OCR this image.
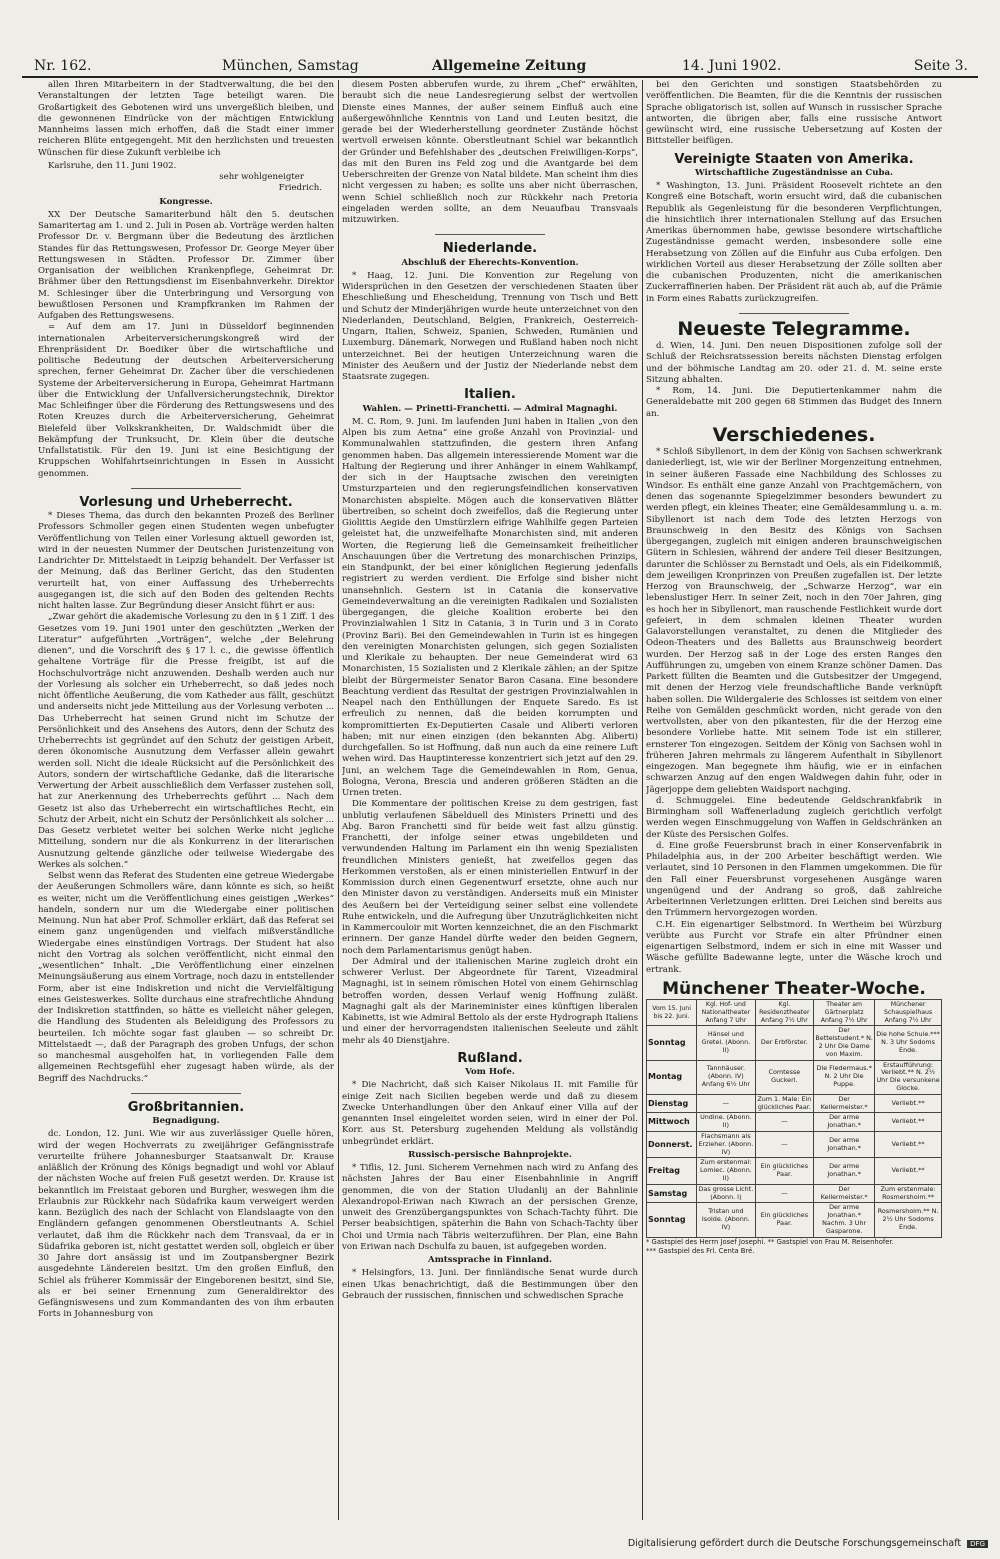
Nr. 162.	München, Samstag	Allgemeine Zeitung	14. Juni 1902.	Seite 3.

allen Ihren Mitarbeitern in der Stadtverwaltung, die bei den Veranstaltungen der letzten Tage beteiligt waren. Die Großartigkeit des Gebotenen wird uns unvergeßlich bleiben, und die gewonnenen Eindrücke von der mächtigen Entwicklung Mannheims lassen mich erhoffen, daß die Stadt einer immer reicheren Blüte entgegengeht. Mit den herzlichsten und treuesten Wünschen für diese Zukunft verbleibe ich

Karlsruhe, den 11. Juni 1902.

sehr wohlgeneigter
Friedrich.
Kongresse.

XX Der Deutsche Samariterbund hält den 5. deutschen Samaritertag am 1. und 2. Juli in Posen ab. Vorträge werden halten Professor Dr. v. Bergmann über die Bedeutung des ärztlichen Standes für das Rettungswesen, Professor Dr. George Meyer über Rettungswesen in Städten. Professor Dr. Zimmer über Organisation der weiblichen Krankenpflege, Geheimrat Dr. Brähmer über den Rettungsdienst im Eisenbahnverkehr. Direktor M. Schlesinger über die Unterbringung und Versorgung von bewußtlosen Personen und Krampfkranken im Rahmen der Aufgaben des Rettungswesens.

= Auf dem am 17. Juni in Düsseldorf beginnenden internationalen Arbeiterversicherungskongreß wird der Ehrenpräsident Dr. Boediker über die wirtschaftliche und politische Bedeutung der deutschen Arbeiterversicherung sprechen, ferner Geheimrat Dr. Zacher über die verschiedenen Systeme der Arbeiterversicherung in Europa, Geheimrat Hartmann über die Entwicklung der Unfallversicherungstechnik, Direktor Mac Schleifinger über die Förderung des Rettungswesens und des Roten Kreuzes durch die Arbeiterversicherung, Geheimrat Bielefeld über Volkskrankheiten, Dr. Waldschmidt über die Bekämpfung der Trunksucht, Dr. Klein über die deutsche Unfallstatistik. Für den 19. Juni ist eine Besichtigung der Kruppschen Wohlfahrtseinrichtungen in Essen in Aussicht genommen.

Vorlesung und Urheberrecht.

* Dieses Thema, das durch den bekannten Prozeß des Berliner Professors Schmoller gegen einen Studenten wegen unbefugter Veröffentlichung von Teilen einer Vorlesung aktuell geworden ist, wird in der neuesten Nummer der Deutschen Juristenzeitung von Landrichter Dr. Mittelstaedt in Leipzig behandelt. Der Verfasser ist der Meinung, daß das Berliner Gericht, das den Studenten verurteilt hat, von einer Auffassung des Urheberrechts ausgegangen ist, die sich auf den Boden des geltenden Rechts nicht halten lasse. Zur Begründung dieser Ansicht führt er aus:

„Zwar gehört die akademische Vorlesung zu den in § 1 Ziff. 1 des Gesetzes vom 19. Juni 1901 unter den geschützten „Werken der Literatur“ aufgeführten „Vorträgen“, welche „der Belehrung dienen“, und die Vorschrift des § 17 l. c., die gewisse öffentlich gehaltene Vorträge für die Presse freigibt, ist auf die Hochschulvorträge nicht anzuwenden. Deshalb werden auch nur der Vorlesung als solcher ein Urheberrecht, so daß jedes noch nicht öffentliche Aeußerung, die vom Katheder aus fällt, geschützt und anderseits nicht jede Mitteilung aus der Vorlesung verboten ... Das Urheberrecht hat seinen Grund nicht im Schutze der Persönlichkeit und des Ansehens des Autors, denn der Schutz des Urheberrechts ist gegründet auf den Schutz der geistigen Arbeit, deren ökonomische Ausnutzung dem Verfasser allein gewahrt werden soll. Nicht die ideale Rücksicht auf die Persönlichkeit des Autors, sondern der wirtschaftliche Gedanke, daß die literarische Verwertung der Arbeit ausschließlich dem Verfasser zustehen soll, hat zur Anerkennung des Urheberrechts geführt ... Nach dem Gesetz ist also das Urheberrecht ein wirtschaftliches Recht, ein Schutz der Arbeit, nicht ein Schutz der Persönlichkeit als solcher ... Das Gesetz verbietet weiter bei solchen Werke nicht jegliche Mitteilung, sondern nur die als Konkurrenz in der literarischen Ausnutzung geltende gänzliche oder teilweise Wiedergabe des Werkes als solchen.“

Selbst wenn das Referat des Studenten eine getreue Wiedergabe der Aeußerungen Schmollers wäre, dann könnte es sich, so heißt es weiter, nicht um die Veröffentlichung eines geistigen „Werkes“ handeln, sondern nur um die Wiedergabe einer politischen Meinung. Nun hat aber Prof. Schmoller erklärt, daß das Referat sei einem ganz ungenügenden und vielfach mißverständliche Wiedergabe eines einstündigen Vortrags. Der Student hat also nicht den Vortrag als solchen veröffentlicht, nicht einmal den „wesentlichen“ Inhalt. „Die Veröffentlichung einer einzelnen Meinungsäußerung aus einem Vortrage, noch dazu in entstellender Form, aber ist eine Indiskretion und nicht die Vervielfältigung eines Geisteswerkes. Sollte durchaus eine strafrechtliche Ahndung der Indiskretion stattfinden, so hätte es vielleicht näher gelegen, die Handlung des Studenten als Beleidigung des Professors zu beurteilen. Ich möchte sogar fast glauben — so schreibt Dr. Mittelstaedt —, daß der Paragraph des groben Unfugs, der schon so manchesmal ausgeholfen hat, in vorliegenden Falle dem allgemeinen Rechtsgefühl eher zugesagt haben würde, als der Begriff des Nachdrucks.“

Großbritannien.
Begnadigung.

dc. London, 12. Juni. Wie wir aus zuverlässiger Quelle hören, wird der wegen Hochverrats zu zweijähriger Gefängnisstrafe verurteilte frühere Johannesburger Staatsanwalt Dr. Krause anläßlich der Krönung des Königs begnadigt und wohl vor Ablauf der nächsten Woche auf freien Fuß gesetzt werden. Dr. Krause ist bekanntlich im Freistaat geboren und Burgher, weswegen ihm die Erlaubnis zur Rückkehr nach Südafrika kaum verweigert werden kann. Bezüglich des nach der Schlacht von Elandslaagte von den Engländern gefangen genommenen Oberstleutnants A. Schiel verlautet, daß ihm die Rückkehr nach dem Transvaal, da er in Südafrika geboren ist, nicht gestattet werden soll, obgleich er über 30 Jahre dort ansässig ist und im Zoutpansbergner Bezirk ausgedehnte Ländereien besitzt. Um den großen Einfluß, den Schiel als früherer Kommissär der Eingeborenen besitzt, sind Sie, als er bei seiner Ernennung zum Generaldirektor des Gefängniswesens und zum Kommandanten des von ihm erbauten Forts in Johannesburg von

diesem Posten abberufen wurde, zu ihrem „Chef“ erwählten, beraubt sich die neue Landesregierung selbst der wertvollen Dienste eines Mannes, der außer seinem Einfluß auch eine außergewöhnliche Kenntnis von Land und Leuten besitzt, die gerade bei der Wiederherstellung geordneter Zustände höchst wertvoll erweisen könnte. Oberstleutnant Schiel war bekanntlich der Gründer und Befehlshaber des „deutschen Freiwilligen-Korps“, das mit den Buren ins Feld zog und die Avantgarde bei dem Ueberschreiten der Grenze von Natal bildete. Man scheint ihm dies nicht vergessen zu haben; es sollte uns aber nicht überraschen, wenn Schiel schließlich noch zur Rückkehr nach Pretoria eingeladen werden sollte, an dem Neuaufbau Transvaals mitzuwirken.

Niederlande.
Abschluß der Eherechts-Konvention.

* Haag, 12. Juni. Die Konvention zur Regelung von Widersprüchen in den Gesetzen der verschiedenen Staaten über Eheschließung und Ehescheidung, Trennung von Tisch und Bett und Schutz der Minderjährigen wurde heute unterzeichnet von den Niederlanden, Deutschland, Belgien, Frankreich, Oesterreich-Ungarn, Italien, Schweiz, Spanien, Schweden, Rumänien und Luxemburg. Dänemark, Norwegen und Rußland haben noch nicht unterzeichnet. Bei der heutigen Unterzeichnung waren die Minister des Aeußern und der Justiz der Niederlande nebst dem Staatsrate zugegen.

Italien.
Wahlen. — Prinetti-Franchetti. — Admiral Magnaghi.

M. C. Rom, 9. Juni. Im laufenden Juni haben in Italien „von den Alpen bis zum Aetna“ eine große Anzahl von Provinzial- und Kommunalwahlen stattzufinden, die gestern ihren Anfang genommen haben. Das allgemein interessierende Moment war die Haltung der Regierung und ihrer Anhänger in einem Wahlkampf, der sich in der Hauptsache zwischen den vereinigten Umsturzparteien und den regierungsfeindlichen konservativen Monarchisten abspielte. Mögen auch die konservativen Blätter übertreiben, so scheint doch zweifellos, daß die Regierung unter Giolittis Aegide den Umstürzlern eifrige Wahlhilfe gegen Parteien geleistet hat, die unzweifelhafte Monarchisten sind, mit anderen Worten, die Regierung ließ die Gemeinsamkeit freiheitlicher Anschauungen über die Vertretung des monarchischen Prinzips, ein Standpunkt, der bei einer königlichen Regierung jedenfalls registriert zu werden verdient. Die Erfolge sind bisher nicht unansehnlich. Gestern ist in Catania die konservative Gemeindeverwaltung an die vereinigten Radikalen und Sozialisten übergegangen, die gleiche Koalition eroberte bei den Provinzialwahlen 1 Sitz in Catania, 3 in Turin und 3 in Corato (Provinz Bari). Bei den Gemeindewahlen in Turin ist es hingegen den vereinigten Monarchisten gelungen, sich gegen Sozialisten und Klerikale zu behaupten. Der neue Gemeinderat wird 63 Monarchisten, 15 Sozialisten und 2 Klerikale zählen; an der Spitze bleibt der Bürgermeister Senator Baron Casana. Eine besondere Beachtung verdient das Resultat der gestrigen Provinzialwahlen in Neapel nach den Enthüllungen der Enquete Saredo. Es ist erfreulich zu nennen, daß die beiden korrumpten und kompromittierten Ex-Deputierten Casale und Aliberti verloren haben; mit nur einen einzigen (den bekannten Abg. Aliberti) durchgefallen. So ist Hoffnung, daß nun auch da eine reinere Luft wehen wird. Das Hauptinteresse konzentriert sich jetzt auf den 29. Juni, an welchem Tage die Gemeindewahlen in Rom, Genua, Bologna, Verona, Brescia und anderen größeren Städten an die Urnen treten.

Die Kommentare der politischen Kreise zu dem gestrigen, fast unblutig verlaufenen Säbelduell des Ministers Prinetti und des Abg. Baron Franchetti sind für beide weit fast allzu günstig. Franchetti, der infolge seiner etwas ungebildeten und verwundenden Haltung im Parlament ein ihn wenig Spezialisten freundlichen Ministers genießt, hat zweifellos gegen das Herkommen verstoßen, als er einen ministeriellen Entwurf in der Kommission durch einen Gegenentwurf ersetzte, ohne auch nur den Minister davon zu verständigen. Anderseits muß ein Minister des Aeußern bei der Verteidigung seiner selbst eine vollendete Ruhe entwickeln, und die Aufregung über Unzuträglichkeiten nicht in Kammercouloir mit Worten kennzeichnet, die an den Fischmarkt erinnern. Der ganze Handel dürfte weder den beiden Gegnern, noch dem Parlamentarismus genügt haben.

Der Admiral und der italienischen Marine zugleich droht ein schwerer Verlust. Der Abgeordnete für Tarent, Vizeadmiral Magnaghi, ist in seinem römischen Hotel von einem Gehirnschlag betroffen worden, dessen Verlauf wenig Hoffnung zuläßt. Magnaghi galt als der Marineminister eines künftigen liberalen Kabinetts, ist wie Admiral Bettolo als der erste Hydrograph Italiens und einer der hervorragendsten italienischen Seeleute und zählt mehr als 40 Dienstjahre.

Rußland.
Vom Hofe.

* Die Nachricht, daß sich Kaiser Nikolaus II. mit Familie für einige Zeit nach Sicilien begeben werde und daß zu diesem Zwecke Unterhandlungen über den Ankauf einer Villa auf der genannten Insel eingeleitet worden seien, wird in einer der Pol. Korr. aus St. Petersburg zugehenden Meldung als vollständig unbegründet erklärt.

Russisch-persische Bahnprojekte.

* Tiflis, 12. Juni. Sicherem Vernehmen nach wird zu Anfang des nächsten Jahres der Bau einer Eisenbahnlinie in Angriff genommen, die von der Station Uludanlij an der Bahnlinie Alexandropol-Eriwan nach Kiwrach an der persischen Grenze, unweit des Grenzübergangspunktes von Schach-Tachty führt. Die Perser beabsichtigen, späterhin die Bahn von Schach-Tachty über Choi und Urmia nach Täbris weiterzuführen. Der Plan, eine Bahn von Eriwan nach Dschulfa zu bauen, ist aufgegeben worden.

Amtssprache in Finnland.

* Helsingfors, 13. Juni. Der finnländische Senat wurde durch einen Ukas benachrichtigt, daß die Bestimmungen über den Gebrauch der russischen, finnischen und schwedischen Sprache

bei den Gerichten und sonstigen Staatsbehörden zu veröffentlichen. Die Beamten, für die die Kenntnis der russischen Sprache obligatorisch ist, sollen auf Wunsch in russischer Sprache antworten, die übrigen aber, falls eine russische Antwort gewünscht wird, eine russische Uebersetzung auf Kosten der Bittsteller beifügen.

Vereinigte Staaten von Amerika.
Wirtschaftliche Zugeständnisse an Cuba.

* Washington, 13. Juni. Präsident Roosevelt richtete an den Kongreß eine Botschaft, worin ersucht wird, daß die cubanischen Republik als Gegenleistung für die besonderen Verpflichtungen, die hinsichtlich ihrer internationalen Stellung auf das Ersuchen Amerikas übernommen habe, gewisse besondere wirtschaftliche Zugeständnisse gemacht werden, insbesondere solle eine Herabsetzung von Zöllen auf die Einfuhr aus Cuba erfolgen. Den wirklichen Vorteil aus dieser Herabsetzung der Zölle sollten aber die cubanischen Produzenten, nicht die amerikanischen Zuckerraffinerien haben. Der Präsident rät auch ab, auf die Prämie in Form eines Rabatts zurückzugreifen.

Neueste Telegramme.

d. Wien, 14. Juni. Den neuen Dispositionen zufolge soll der Schluß der Reichsratssession bereits nächsten Dienstag erfolgen und der böhmische Landtag am 20. oder 21. d. M. seine erste Sitzung abhalten.

* Rom, 14. Juni. Die Deputiertenkammer nahm die Generaldebatte mit 200 gegen 68 Stimmen das Budget des Innern an.

Verschiedenes.

* Schloß Sibyllenort, in dem der König von Sachsen schwerkrank daniederliegt, ist, wie wir der Berliner Morgenzeitung entnehmen, in seiner äußeren Fassade eine Nachbildung des Schlosses zu Windsor. Es enthält eine ganze Anzahl von Prachtgemächern, von denen das sogenannte Spiegelzimmer besonders bewundert zu werden pflegt, ein kleines Theater, eine Gemäldesammlung u. a. m. Sibyllenort ist nach dem Tode des letzten Herzogs von Braunschweig in den Besitz des Königs von Sachsen übergegangen, zugleich mit einigen anderen braunschweigischen Gütern in Schlesien, während der andere Teil dieser Besitzungen, darunter die Schlösser zu Bernstadt und Oels, als ein Fideikommiß, dem jeweiligen Kronprinzen von Preußen zugefallen ist. Der letzte Herzog von Braunschweig, der „Schwarze Herzog“, war ein lebenslustiger Herr. In seiner Zeit, noch in den 70er Jahren, ging es hoch her in Sibyllenort, man rauschende Festlichkeit wurde dort gefeiert, in dem schmalen kleinen Theater wurden Galavorstellungen veranstaltet, zu denen die Mitglieder des Odeon-Theaters und des Balletts aus Braunschweig beordert wurden. Der Herzog saß in der Loge des ersten Ranges den Aufführungen zu, umgeben von einem Kranze schöner Damen. Das Parkett füllten die Beamten und die Gutsbesitzer der Umgegend, mit denen der Herzog viele freundschaftliche Bande verknüpft haben sollen. Die Wildergalerie des Schlosses ist seitdem von einer Reihe von Gemälden geschmückt worden, nicht gerade von den wertvollsten, aber von den pikantesten, für die der Herzog eine besondere Vorliebe hatte. Mit seinem Tode ist ein stillerer, ernsterer Ton eingezogen. Seitdem der König von Sachsen wohl in früheren Jahren mehrmals zu längerem Aufenthalt in Sibyllenort eingezogen. Man begegnete ihm häufig, wie er in einfachen schwarzen Anzug auf den engen Waldwegen dahin fuhr, oder in Jägerjoppe dem geliebten Waidsport nachging.

d. Schmuggelei. Eine bedeutende Geldschrankfabrik in Birmingham soll Waffenerladung zugleich gerichtlich verfolgt werden wegen Einschmuggelung von Waffen in Geldschränken an der Küste des Persischen Golfes.

d. Eine große Feuersbrunst brach in einer Konservenfabrik in Philadelphia aus, in der 200 Arbeiter beschäftigt werden. Wie verlautet, sind 10 Personen in den Flammen umgekommen. Die für den Fall einer Feuersbrunst vorgesehenen Ausgänge waren ungenügend und der Andrang so groß, daß zahlreiche Arbeiterinnen Verletzungen erlitten. Drei Leichen sind bereits aus den Trümmern hervorgezogen worden.

C.H. Ein eigenartiger Selbstmord. In Wertheim bei Würzburg verübte aus Furcht vor Strafe ein alter Pfründner einen eigenartigen Selbstmord, indem er sich in eine mit Wasser und Wäsche gefüllte Badewanne legte, unter die Wäsche kroch und ertrank.

Münchener Theater-Woche.
Vom 15. Juni bis 22. Juni.	Kgl. Hof- und Nationaltheater Anfang 7 Uhr	Kgl. Residenztheater Anfang 7½ Uhr	Theater am Gärtnerplatz Anfang 7½ Uhr	Münchener Schauspielhaus Anfang 7½ Uhr
Sonntag	Hänsel und Gretel. (Abonn. II)	Der Erbförster.	Der Bettelstudent.* N. 2 Uhr Die Dame von Maxim.	Die hohe Schule.*** N. 3 Uhr Sodoms Ende.
Montag	Tannhäuser. (Abonn. IV) Anfang 6½ Uhr	Comtesse Guckerl.	Die Fledermaus.* N. 2 Uhr Die Puppe.	Erstaufführung: Verliebt.** N. 2½ Uhr Die versunkene Glocke.
Dienstag	—	Zum 1. Male: Ein glückliches Paar.	Der Kellermeister.*	Verliebt.**
Mittwoch	Undine. (Abonn. II)	—	Der arme Jonathan.*	Verliebt.**
Donnerst.	Flachsmann als Erzieher. (Abonn. IV)	—	Der arme Jonathan.*	Verliebt.**
Freitag	Zum erstenmal: Lomiec. (Abonn. II)	Ein glückliches Paar.	Der arme Jonathan.*	Verliebt.**
Samstag	Das grosse Licht. (Abonn. I)	—	Der Kellermeister.*	Zum erstenmale: Rosmersholm.**
Sonntag	Tristan und Isolde. (Abonn. IV)	Ein glückliches Paar.	Der arme Jonathan.* Nachm. 3 Uhr Gasparone.	Rosmersholm.** N. 2½ Uhr Sodoms Ende.
* Gastspiel des Herrn Josef Josephi. ** Gastspiel von Frau M. Reisenhofer.
*** Gastspiel des Frl. Centa Bré.
Digitalisierung gefördert durch die Deutsche Forschungsgemeinschaft DFG
